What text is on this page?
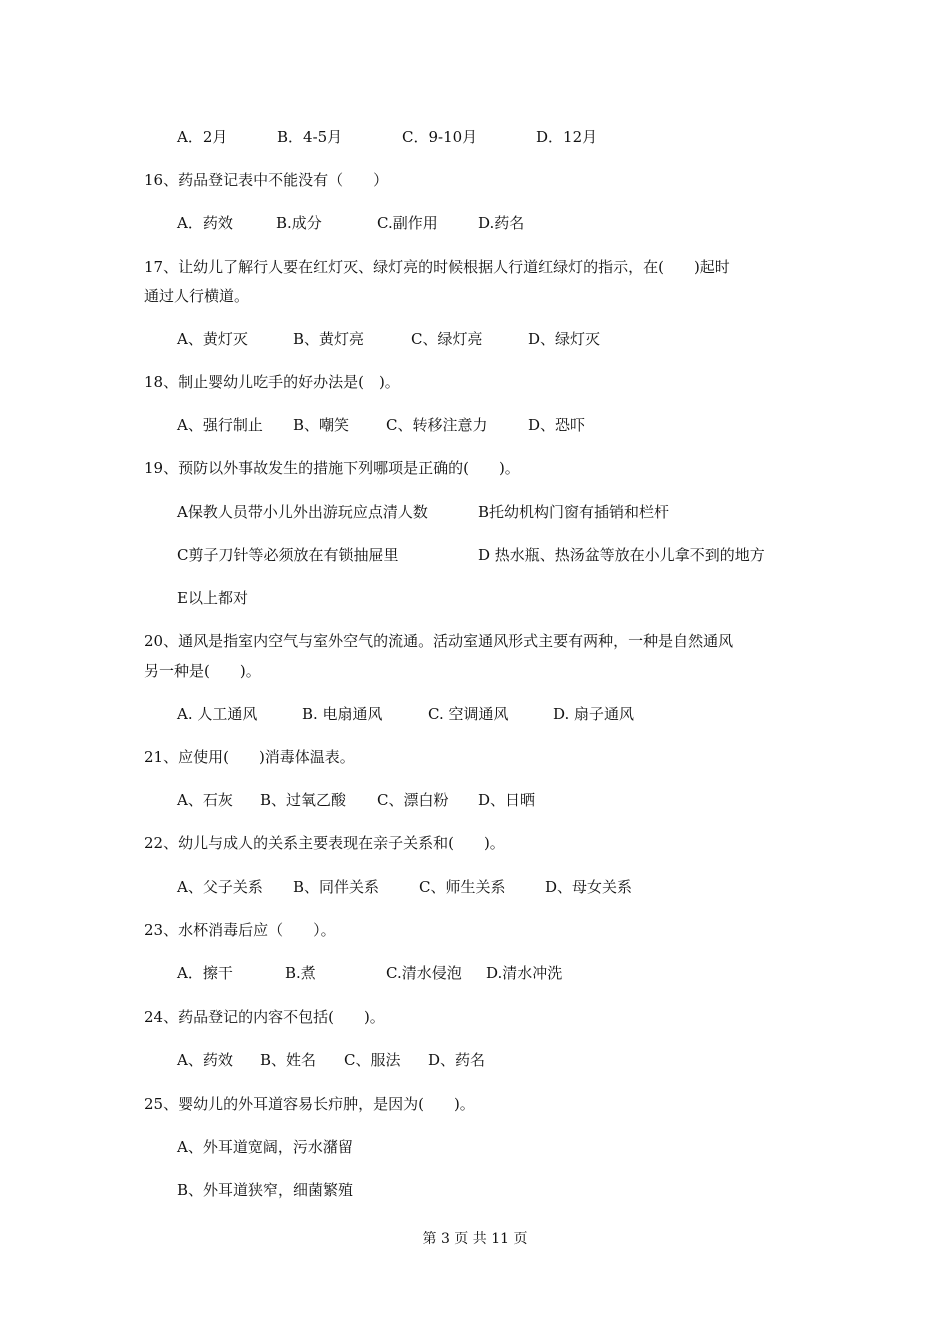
A．2月	B．4-5月	C．9-10月	D．12月
16、药品登记表中不能没有（　　）
A．药效	B.成分	C.副作用	D.药名
17、让幼儿了解行人要在红灯灭、绿灯亮的时候根据人行道红绿灯的指示，在(　　)起时
通过人行横道。
A、黄灯灭	B、黄灯亮	C、绿灯亮	D、绿灯灭
18、制止婴幼儿吃手的好办法是(　)。
A、强行制止 B、嘲笑 C、转移注意力	D、恐吓
19、预防以外事故发生的措施下列哪项是正确的(　　)。
A保教人员带小儿外出游玩应点清人数	B托幼机构门窗有插销和栏杆
C剪子刀针等必须放在有锁抽屉里	D 热水瓶、热汤盆等放在小儿拿不到的地方
E以上都对
20、通风是指室内空气与室外空气的流通。活动室通风形式主要有两种，一种是自然通风
另一种是(　　)。
A. 人工通风	B. 电扇通风	C. 空调通风	D. 扇子通风
21、应使用(　　)消毒体温表。
A、石灰 B、过氧乙酸 C、漂白粉 D、日晒
22、幼儿与成人的关系主要表现在亲子关系和(　　)。
A、父子关系 B、同伴关系	C、师生关系	D、母女关系
23、水杯消毒后应（　　）。
A．擦干	B.煮	C.清水侵泡 D.清水冲洗
24、药品登记的内容不包括(　　)。
A、药效 B、姓名 C、服法 D、药名
25、婴幼儿的外耳道容易长疖肿，是因为(　　)。
A、外耳道宽阔，污水潴留
B、外耳道狭窄，细菌繁殖
第 3 页 共 11 页
